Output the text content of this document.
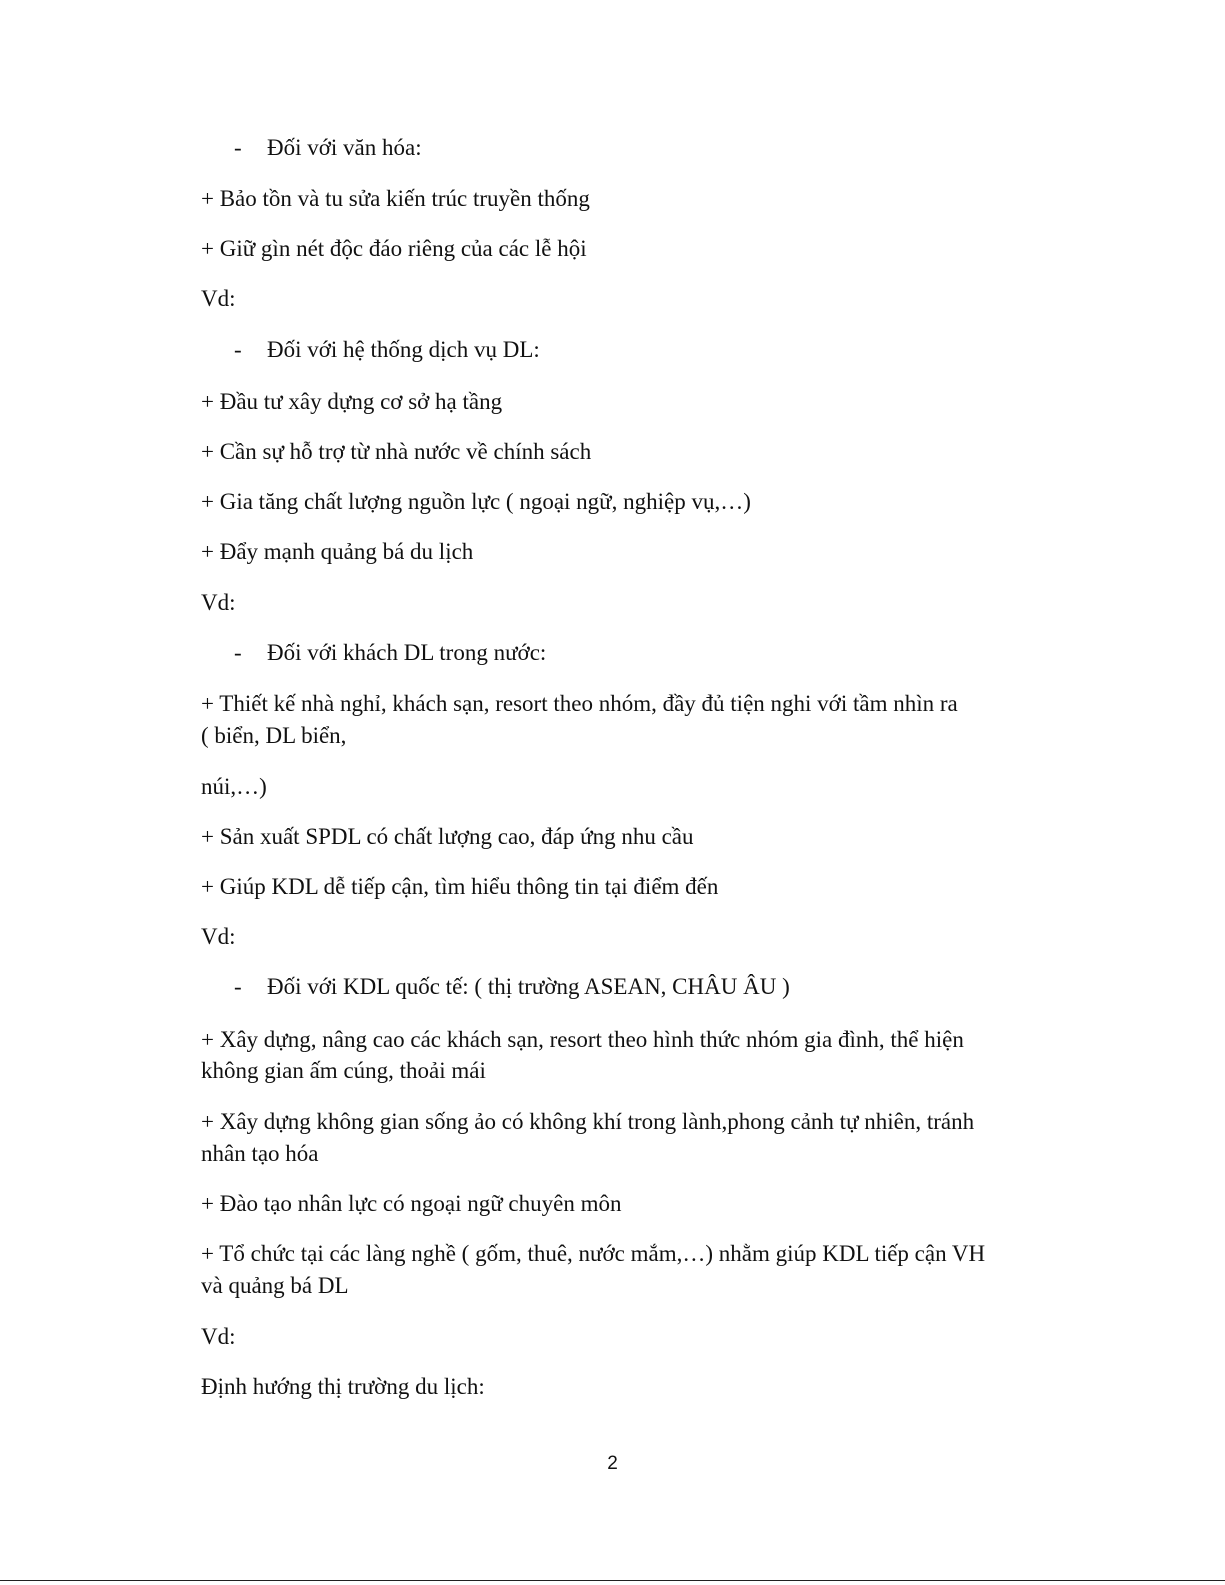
- Đối với văn hóa:

+ Bảo tồn và tu sửa kiến trúc truyền thống

+ Giữ gìn nét độc đáo riêng của các lễ hội

Vd:

- Đối với hệ thống dịch vụ DL:

+ Đầu tư xây dựng cơ sở hạ tầng

+ Cần sự hỗ trợ từ nhà nước về chính sách

+ Gia tăng chất lượng nguồn lực ( ngoại ngữ, nghiệp vụ,…)

+ Đẩy mạnh quảng bá du lịch

Vd:

- Đối với khách DL trong nước:

+ Thiết kế nhà nghỉ, khách sạn, resort theo nhóm, đầy đủ tiện nghi với tầm nhìn ra

( biển, DL biển,

núi,…)

+ Sản xuất SPDL có chất lượng cao, đáp ứng nhu cầu

+ Giúp KDL dễ tiếp cận, tìm hiểu thông tin tại điểm đến

Vd:

- Đối với KDL quốc tế: ( thị trường ASEAN, CHÂU ÂU )

+ Xây dựng, nâng cao các khách sạn, resort theo hình thức nhóm gia đình, thể hiện

không gian ấm cúng, thoải mái

+ Xây dựng không gian sống ảo có không khí trong lành,phong cảnh tự nhiên, tránh

nhân tạo hóa

+ Đào tạo nhân lực có ngoại ngữ chuyên môn

+ Tổ chức tại các làng nghề ( gốm, thuê, nước mắm,…) nhằm giúp KDL tiếp cận VH

và quảng bá DL

Vd:

Định hướng thị trường du lịch:

2
